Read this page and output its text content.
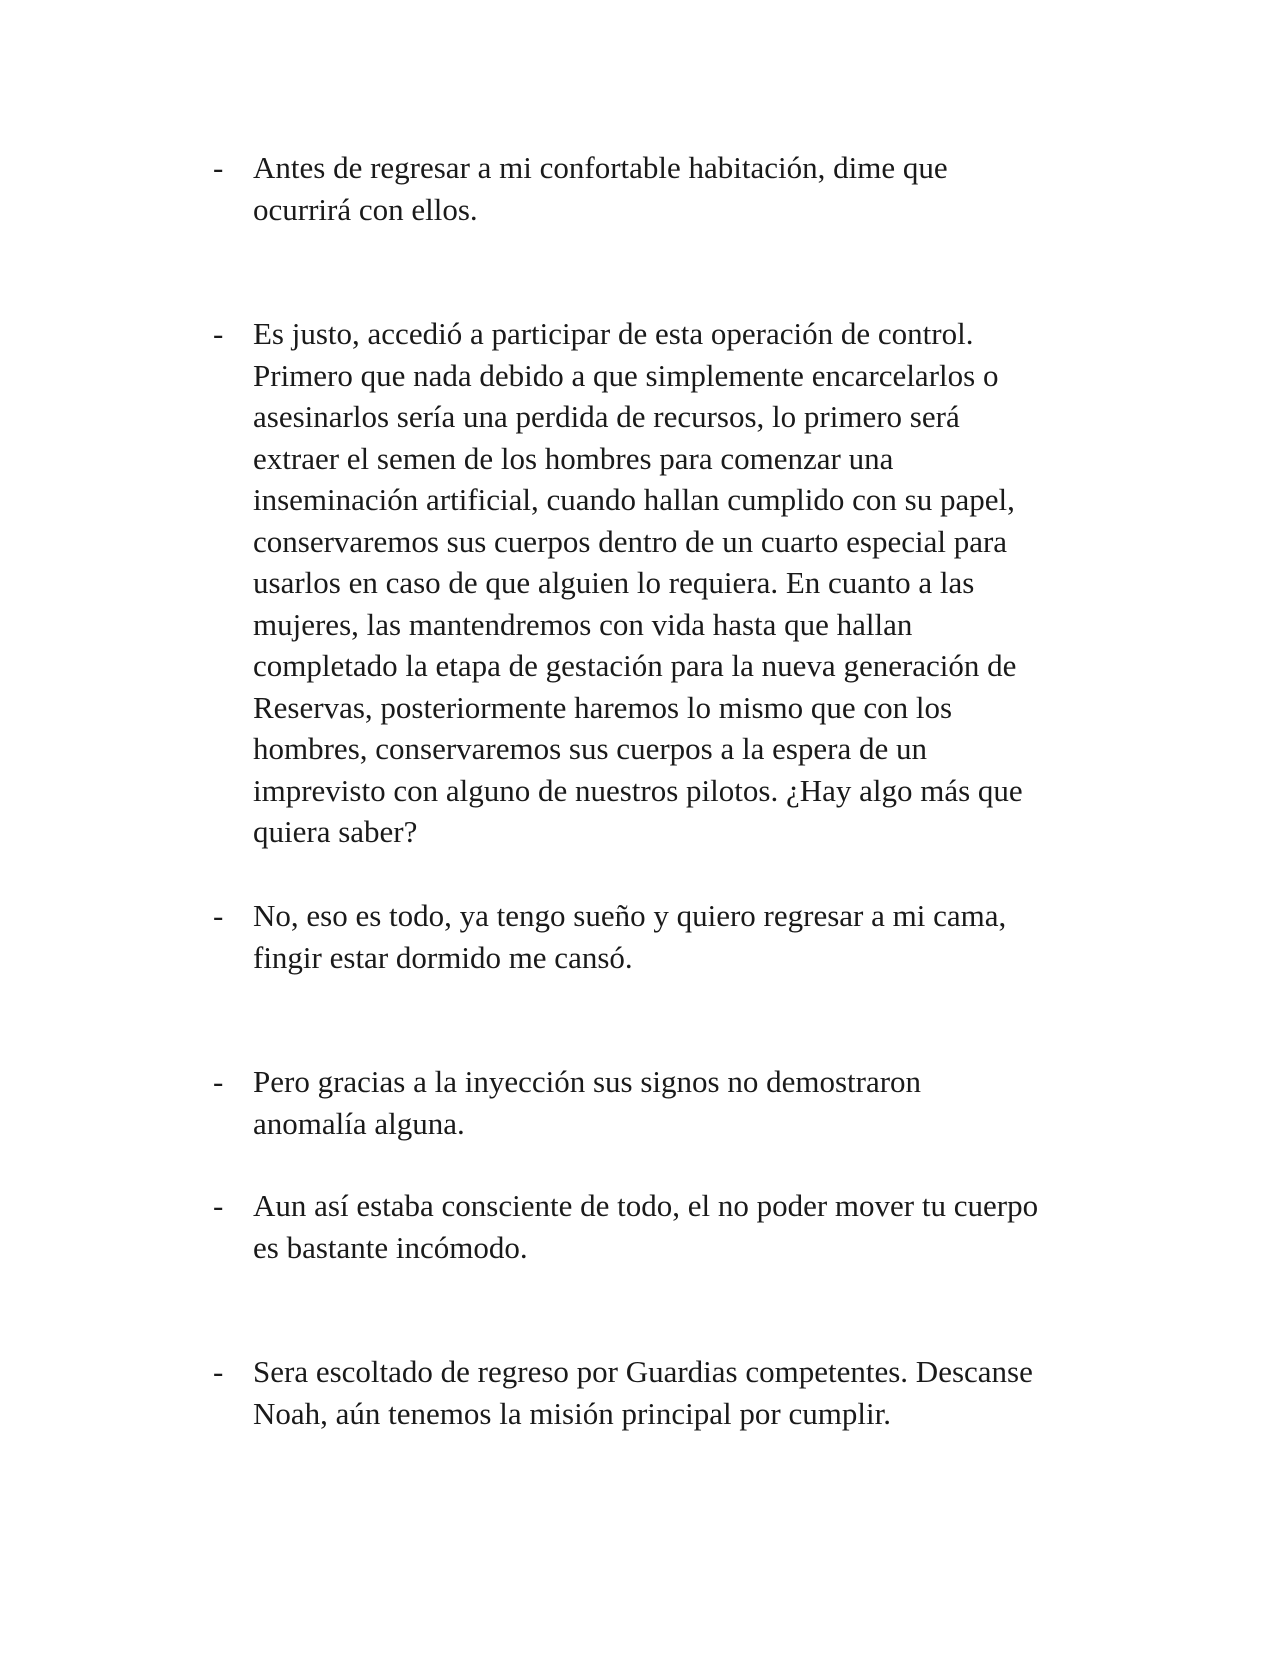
- Antes de regresar a mi confortable habitación, dime que
ocurrirá con ellos.
- Es justo, accedió a participar de esta operación de control.
Primero que nada debido a que simplemente encarcelarlos o
asesinarlos sería una perdida de recursos, lo primero será
extraer el semen de los hombres para comenzar una
inseminación artificial, cuando hallan cumplido con su papel,
conservaremos sus cuerpos dentro de un cuarto especial para
usarlos en caso de que alguien lo requiera. En cuanto a las
mujeres, las mantendremos con vida hasta que hallan
completado la etapa de gestación para la nueva generación de
Reservas, posteriormente haremos lo mismo que con los
hombres, conservaremos sus cuerpos a la espera de un
imprevisto con alguno de nuestros pilotos. ¿Hay algo más que
quiera saber?
- No, eso es todo, ya tengo sueño y quiero regresar a mi cama,
fingir estar dormido me cansó.
- Pero gracias a la inyección sus signos no demostraron
anomalía alguna.
- Aun así estaba consciente de todo, el no poder mover tu cuerpo
es bastante incómodo.
- Sera escoltado de regreso por Guardias competentes. Descanse
Noah, aún tenemos la misión principal por cumplir.
